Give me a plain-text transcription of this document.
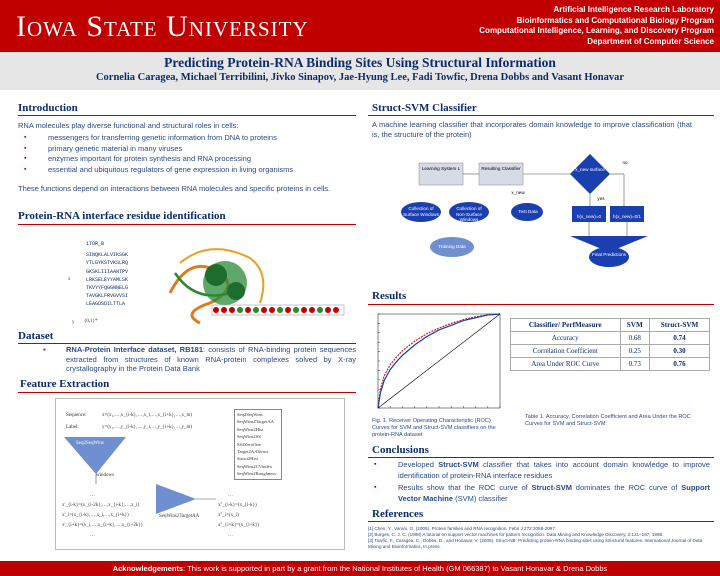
Iowa State University
Artificial Intelligence Research Laboratory
Bioinformatics and Computational Biology Program
Computational Intelligence, Learning, and Discovery Program
Department of Computer Science
Predicting Protein-RNA Binding Sites Using Structural Information
Cornelia Caragea, Michael Terribilini, Jivko Sinapov, Jae-Hyung Lee, Fadi Towfic, Drena Dobbs and Vasant Honavar
Introduction
RNA molecules play diverse functional and structural roles in cells:
▪ messengers for transferring genetic information from DNA to proteins
▪ primary genetic material in many viruses
▪ enzymes important for protein synthesis and RNA processing
▪ essential and ubiquitous regulators of gene expression in living organisms
These functions depend on interactions between RNA molecules and specific proteins in cells.
Protein-RNA interface residue identification
1TOR_B
SINQKLALVIKSGK
YTLGYKSTVKSLRQ
GKSKLIIIAANTPV
LRKSELEYYAMLSK
TKVYYFQGGNNELG
TAVGKLFRVGVVSI
LEAGDSDILTTLA
x
y {0,1}*
Dataset
▪	RNA-Protein Interface dataset, RB181: consists of RNA-binding protein sequences extracted from structures of known RNA-protein complexes solved by X-ray crystallography in the Protein Data Bank
Feature Extraction
Sequence:	x=(x₁,…,x_{i-k},…,x_i,…,x_{i+k},…,x_m)
Label:	y=(y₁,…,y_{i-k},…,y_i,…,y_{i+k},…,y_m)
Seq2SeqWins
windows
…
x'_{i-k}=(x_{i-2k},…,x_{i-k},…,x_i)
x'_i=(x_{i-k},…,x_i,…,x_{i+k})
x'_{i+k}=(x_i,…,x_{i+k},…,x_{i+2k})
…
SeqWins2TargetAA
…
x''_{i-k}=(x_{i-k})
x''_i=(x_i)
x''_{i+k}=(x_{i+k})
…
Seq2SeqWins
SeqWins2TargetAA
SeqWins2Hist
SeqWins2SS
SS2ZeroOne
Target2AAStruct
Struct2Hist
SeqWins2CVindex
SeqWins2Roughness
Struct-SVM Classifier
A machine learning classifier that incorporates domain knowledge to improve classification (that is, the structure of the protein)
Learning System L	Resulting Classifier
x_new
x_new surface
no
yes
Collection of Surface Windows
Collection of Non-Surface Windows
Test Data
Training Data
h(x_new)=0	h(x_new)=0/1
Final Predictions
Results
Fig. 1. Receiver Operating Characteristic (ROC) Curves for SVM and Struct-SVM classifiers on the protein-RNA dataset
Classifier/ PerfMeasure	SVM	Struct-SVM
Accuracy	0.68	0.74
Correlation Coefficient	0.25	0.30
Area Under ROC Curve	0.73	0.76
Table 1. Accuracy, Correlation Coefficient and Area Under the ROC Curves for SVM and Struct-SVM
Conclusions
▪ Developed Struct-SVM classifier that takes into account domain knowledge to improve identification of protein-RNA interface residues
▪ Results show that the ROC curve of Struct-SVM dominates the ROC curve of Support Vector Machine (SVM) classifier
References
[1] Chen, Y., Varani, G. (2005). Protein families and RNA recognition. Febs J 272:2088-2097.
[2] Burges, C. J. C. (1998) A tutorial on support vector machines for pattern recognition. Data Mining and Knowledge Discovery, 2:121–167, 1998.
[3] Towfic, F., Caragea, C., Dobbs, D., and Honavar, V. (2008). Struct-NB: Predicting protein-RNA binding sites using structural features. International Journal of Data Mining and Bioinformatics, In press.
Acknowledgements: This work is supported in part by a grant from the National Institutes of Health (GM 066387) to Vasant Honavar & Drena Dobbs
